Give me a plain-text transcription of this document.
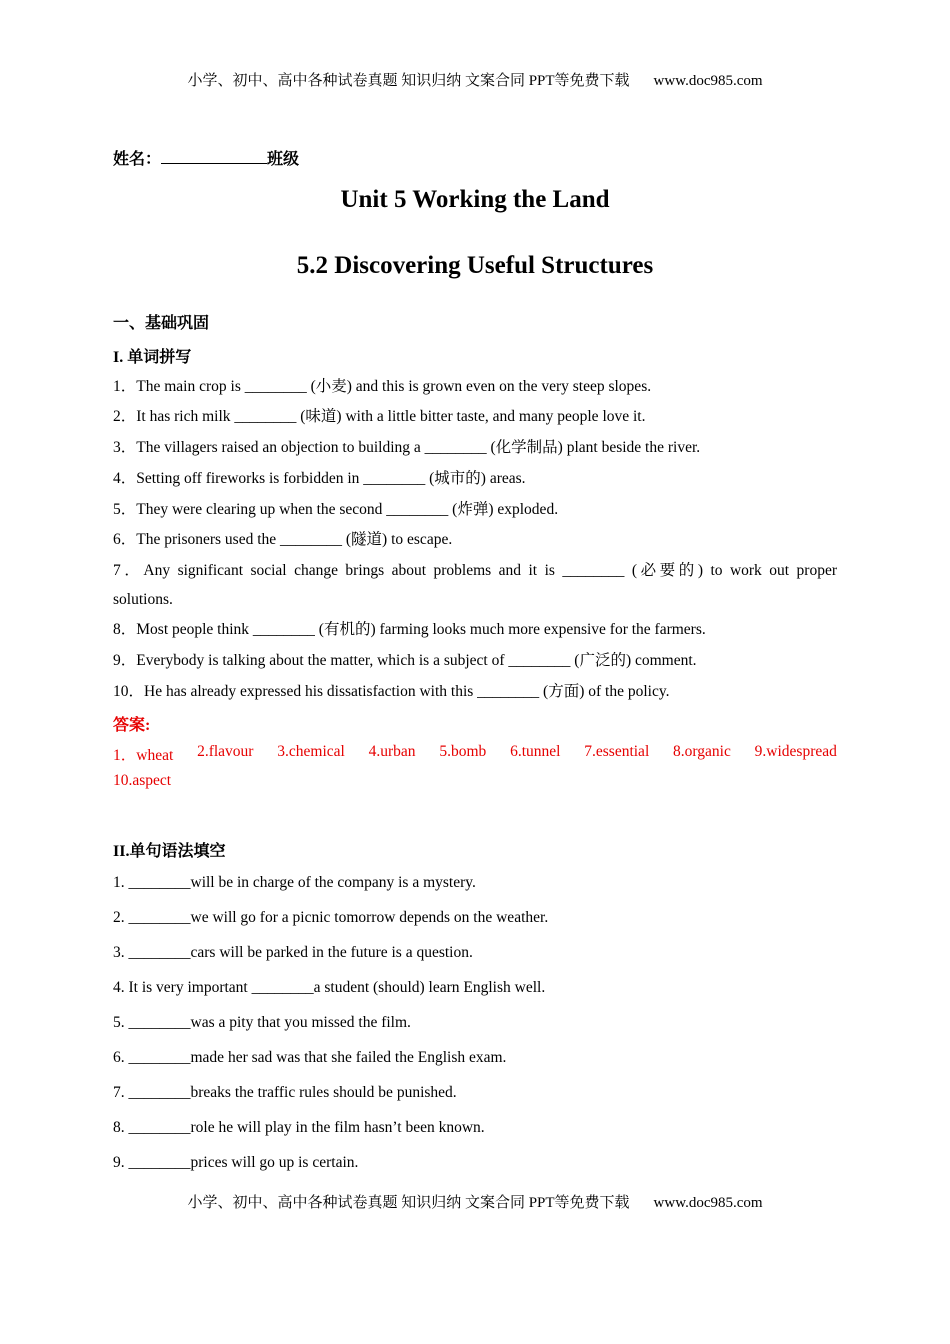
小学、初中、高中各种试卷真题 知识归纳 文案合同 PPT等免费下载 www.doc985.com
姓名：	班级
Unit 5 Working the Land
5.2 Discovering Useful Structures
一、基础巩固
I. 单词拼写
1．The main crop is ________ (小麦) and this is grown even on the very steep slopes.
2．It has rich milk ________ (味道) with a little bitter taste, and many people love it.
3．The villagers raised an objection to building a ________ (化学制品) plant beside the river.
4．Setting off fireworks is forbidden in ________ (城市的) areas.
5．They were clearing up when the second ________ (炸弹) exploded.
6．The prisoners used the ________ (隧道) to escape.
7．Any significant social change brings about problems and it is ________ (必要的) to work out proper
solutions.
8．Most people think ________ (有机的) farming looks much more expensive for the farmers.
9．Everybody is talking about the matter, which is a subject of ________ (广泛的) comment.
10．He has already expressed his dissatisfaction with this ________ (方面) of the policy.
答案:
1．wheat 2.flavour 3.chemical 4.urban 5.bomb 6.tunnel 7.essential 8.organic 9.widespread
10.aspect
II.单句语法填空
1. ________will be in charge of the company is a mystery.
2. ________we will go for a picnic tomorrow depends on the weather.
3. ________cars will be parked in the future is a question.
4. It is very important ________a student (should) learn English well.
5. ________was a pity that you missed the film.
6. ________made her sad was that she failed the English exam.
7. ________breaks the traffic rules should be punished.
8. ________role he will play in the film hasn’t been known.
9. ________prices will go up is certain.
小学、初中、高中各种试卷真题 知识归纳 文案合同 PPT等免费下载 www.doc985.com
